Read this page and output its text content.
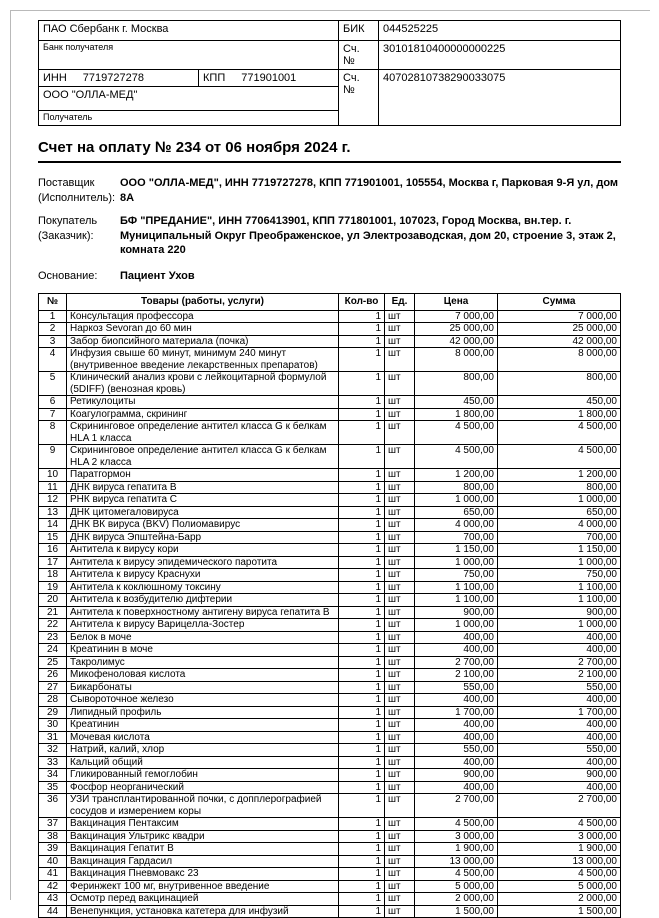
ПАО Сбербанк г. Москва		БИК	044525225
Банк получателя		Сч. №	30101810400000000225
ИНН 7719727278	КПП 771901001	Сч. №	40702810738290033075
ООО "ОЛЛА-МЕД"			
Получатель			
Счет на оплату № 234 от 06 ноября 2024 г.
Поставщик
(Исполнитель):
ООО "ОЛЛА-МЕД", ИНН 7719727278, КПП 771901001, 105554, Москва г, Парковая 9-Я ул, дом 8А
Покупатель
(Заказчик):
БФ "ПРЕДАНИЕ", ИНН 7706413901, КПП 771801001, 107023, Город Москва, вн.тер. г. Муниципальный Округ Преображенское, ул Электрозаводская, дом 20, строение 3, этаж 2, комната 220
Основание:	Пациент Ухов
№	Товары (работы, услуги)	Кол-во	Ед.	Цена	Сумма
1	Консультация профессора	1	шт	7 000,00	7 000,00
2	Наркоз Sevoran до 60 мин	1	шт	25 000,00	25 000,00
3	Забор биопсийного материала (почка)	1	шт	42 000,00	42 000,00
4	Инфузия свыше 60 минут, минимум 240 минут (внутривенное введение лекарственных препаратов)	1	шт	8 000,00	8 000,00
5	Клинический анализ крови с лейкоцитарной формулой (5DIFF) (венозная кровь)	1	шт	800,00	800,00
6	Ретикулоциты	1	шт	450,00	450,00
7	Коагулограмма, скрининг	1	шт	1 800,00	1 800,00
8	Скрининговое определение антител класса G к белкам HLA 1 класса	1	шт	4 500,00	4 500,00
9	Скрининговое определение антител класса G к белкам HLA 2 класса	1	шт	4 500,00	4 500,00
10	Паратгормон	1	шт	1 200,00	1 200,00
11	ДНК вируса гепатита В	1	шт	800,00	800,00
12	РНК вируса гепатита С	1	шт	1 000,00	1 000,00
13	ДНК цитомегаловируса	1	шт	650,00	650,00
14	ДНК ВК вируса (BKV) Полиомавирус	1	шт	4 000,00	4 000,00
15	ДНК вируса Эпштейна-Барр	1	шт	700,00	700,00
16	Антитела к вирусу кори	1	шт	1 150,00	1 150,00
17	Антитела к вирусу эпидемического паротита	1	шт	1 000,00	1 000,00
18	Антитела к вирусу Краснухи	1	шт	750,00	750,00
19	Антитела к коклюшному токсину	1	шт	1 100,00	1 100,00
20	Антитела к возбудителю дифтерии	1	шт	1 100,00	1 100,00
21	Антитела к поверхностному антигену вируса гепатита В	1	шт	900,00	900,00
22	Антитела к вирусу Варицелла-Зостер	1	шт	1 000,00	1 000,00
23	Белок в моче	1	шт	400,00	400,00
24	Креатинин в моче	1	шт	400,00	400,00
25	Такролимус	1	шт	2 700,00	2 700,00
26	Микофеноловая кислота	1	шт	2 100,00	2 100,00
27	Бикарбонаты	1	шт	550,00	550,00
28	Сывороточное железо	1	шт	400,00	400,00
29	Липидный профиль	1	шт	1 700,00	1 700,00
30	Креатинин	1	шт	400,00	400,00
31	Мочевая кислота	1	шт	400,00	400,00
32	Натрий, калий, хлор	1	шт	550,00	550,00
33	Кальций общий	1	шт	400,00	400,00
34	Гликированный гемоглобин	1	шт	900,00	900,00
35	Фосфор неорганический	1	шт	400,00	400,00
36	УЗИ трансплантированной почки, с допплерографией сосудов и измерением коры	1	шт	2 700,00	2 700,00
37	Вакцинация Пентаксим	1	шт	4 500,00	4 500,00
38	Вакцинация Ультрикс квадри	1	шт	3 000,00	3 000,00
39	Вакцинация Гепатит В	1	шт	1 900,00	1 900,00
40	Вакцинация Гардасил	1	шт	13 000,00	13 000,00
41	Вакцинация Пневмовакс 23	1	шт	4 500,00	4 500,00
42	Феринжект 100 мг, внутривенное введение	1	шт	5 000,00	5 000,00
43	Осмотр перед вакцинацией	1	шт	2 000,00	2 000,00
44	Венепункция, установка катетера для инфузий	1	шт	1 500,00	1 500,00
